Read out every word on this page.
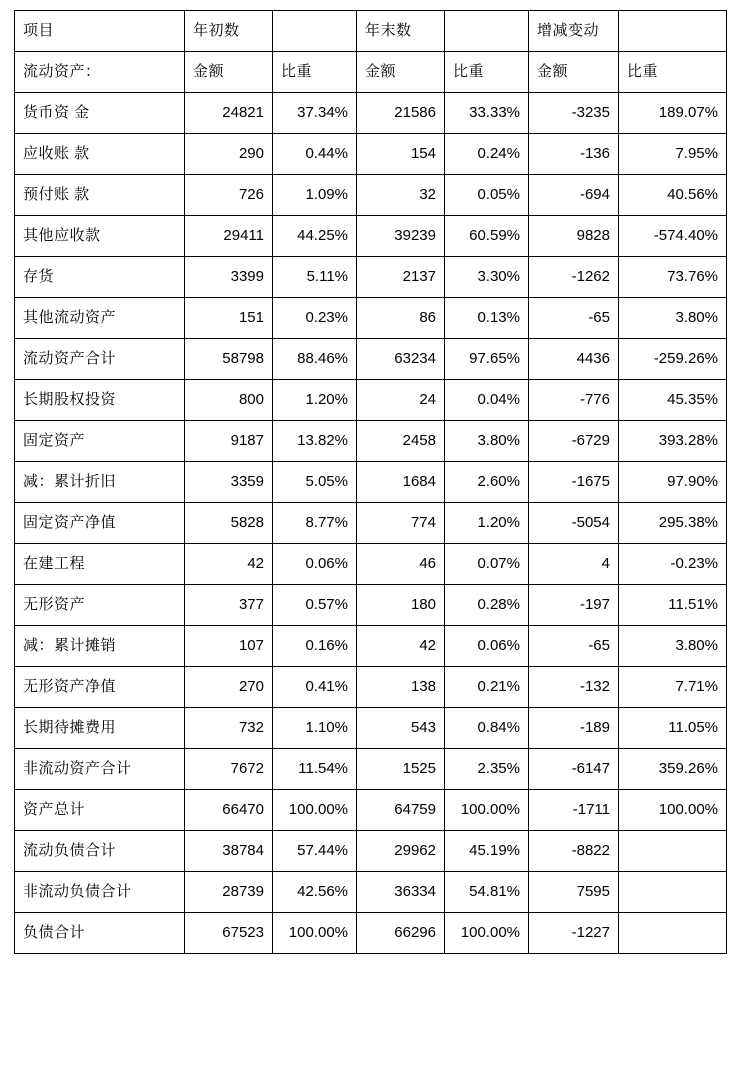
项目	年初数		年末数		增减变动	
流动资产：	金额	比重	金额	比重	金额	比重
货币资 金	24821	37.34%	21586	33.33%	-3235	189.07%
应收账 款	290	0.44%	154	0.24%	-136	7.95%
预付账 款	726	1.09%	32	0.05%	-694	40.56%
其他应收款	29411	44.25%	39239	60.59%	9828	-574.40%
存货	3399	5.11%	2137	3.30%	-1262	73.76%
其他流动资产	151	0.23%	86	0.13%	-65	3.80%
流动资产合计	58798	88.46%	63234	97.65%	4436	-259.26%
长期股权投资	800	1.20%	24	0.04%	-776	45.35%
固定资产	9187	13.82%	2458	3.80%	-6729	393.28%
减：累计折旧	3359	5.05%	1684	2.60%	-1675	97.90%
固定资产净值	5828	8.77%	774	1.20%	-5054	295.38%
在建工程	42	0.06%	46	0.07%	4	-0.23%
无形资产	377	0.57%	180	0.28%	-197	11.51%
减：累计摊销	107	0.16%	42	0.06%	-65	3.80%
无形资产净值	270	0.41%	138	0.21%	-132	7.71%
长期待摊费用	732	1.10%	543	0.84%	-189	11.05%
非流动资产合计	7672	11.54%	1525	2.35%	-6147	359.26%
资产总计	66470	100.00%	64759	100.00%	-1711	100.00%
流动负债合计	38784	57.44%	29962	45.19%	-8822	
非流动负债合计	28739	42.56%	36334	54.81%	7595	
负债合计	67523	100.00%	66296	100.00%	-1227	
